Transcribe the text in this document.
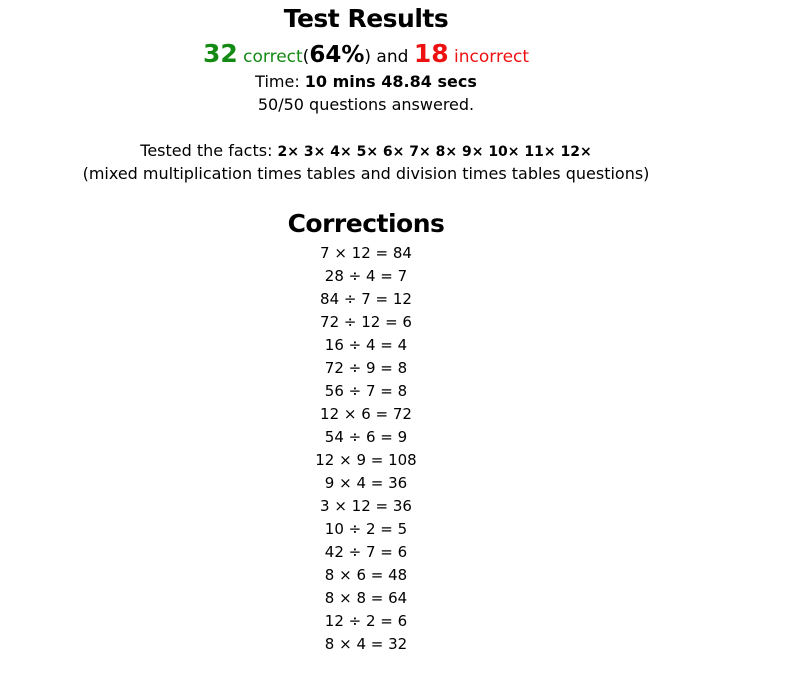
Test Results
32 correct(64%) and 18 incorrect
Time: 10 mins 48.84 secs
50/50 questions answered.
Tested the facts: 2× 3× 4× 5× 6× 7× 8× 9× 10× 11× 12×
(mixed multiplication times tables and division times tables questions)
Corrections
7 × 12 = 84
28 ÷ 4 = 7
84 ÷ 7 = 12
72 ÷ 12 = 6
16 ÷ 4 = 4
72 ÷ 9 = 8
56 ÷ 7 = 8
12 × 6 = 72
54 ÷ 6 = 9
12 × 9 = 108
9 × 4 = 36
3 × 12 = 36
10 ÷ 2 = 5
42 ÷ 7 = 6
8 × 6 = 48
8 × 8 = 64
12 ÷ 2 = 6
8 × 4 = 32
